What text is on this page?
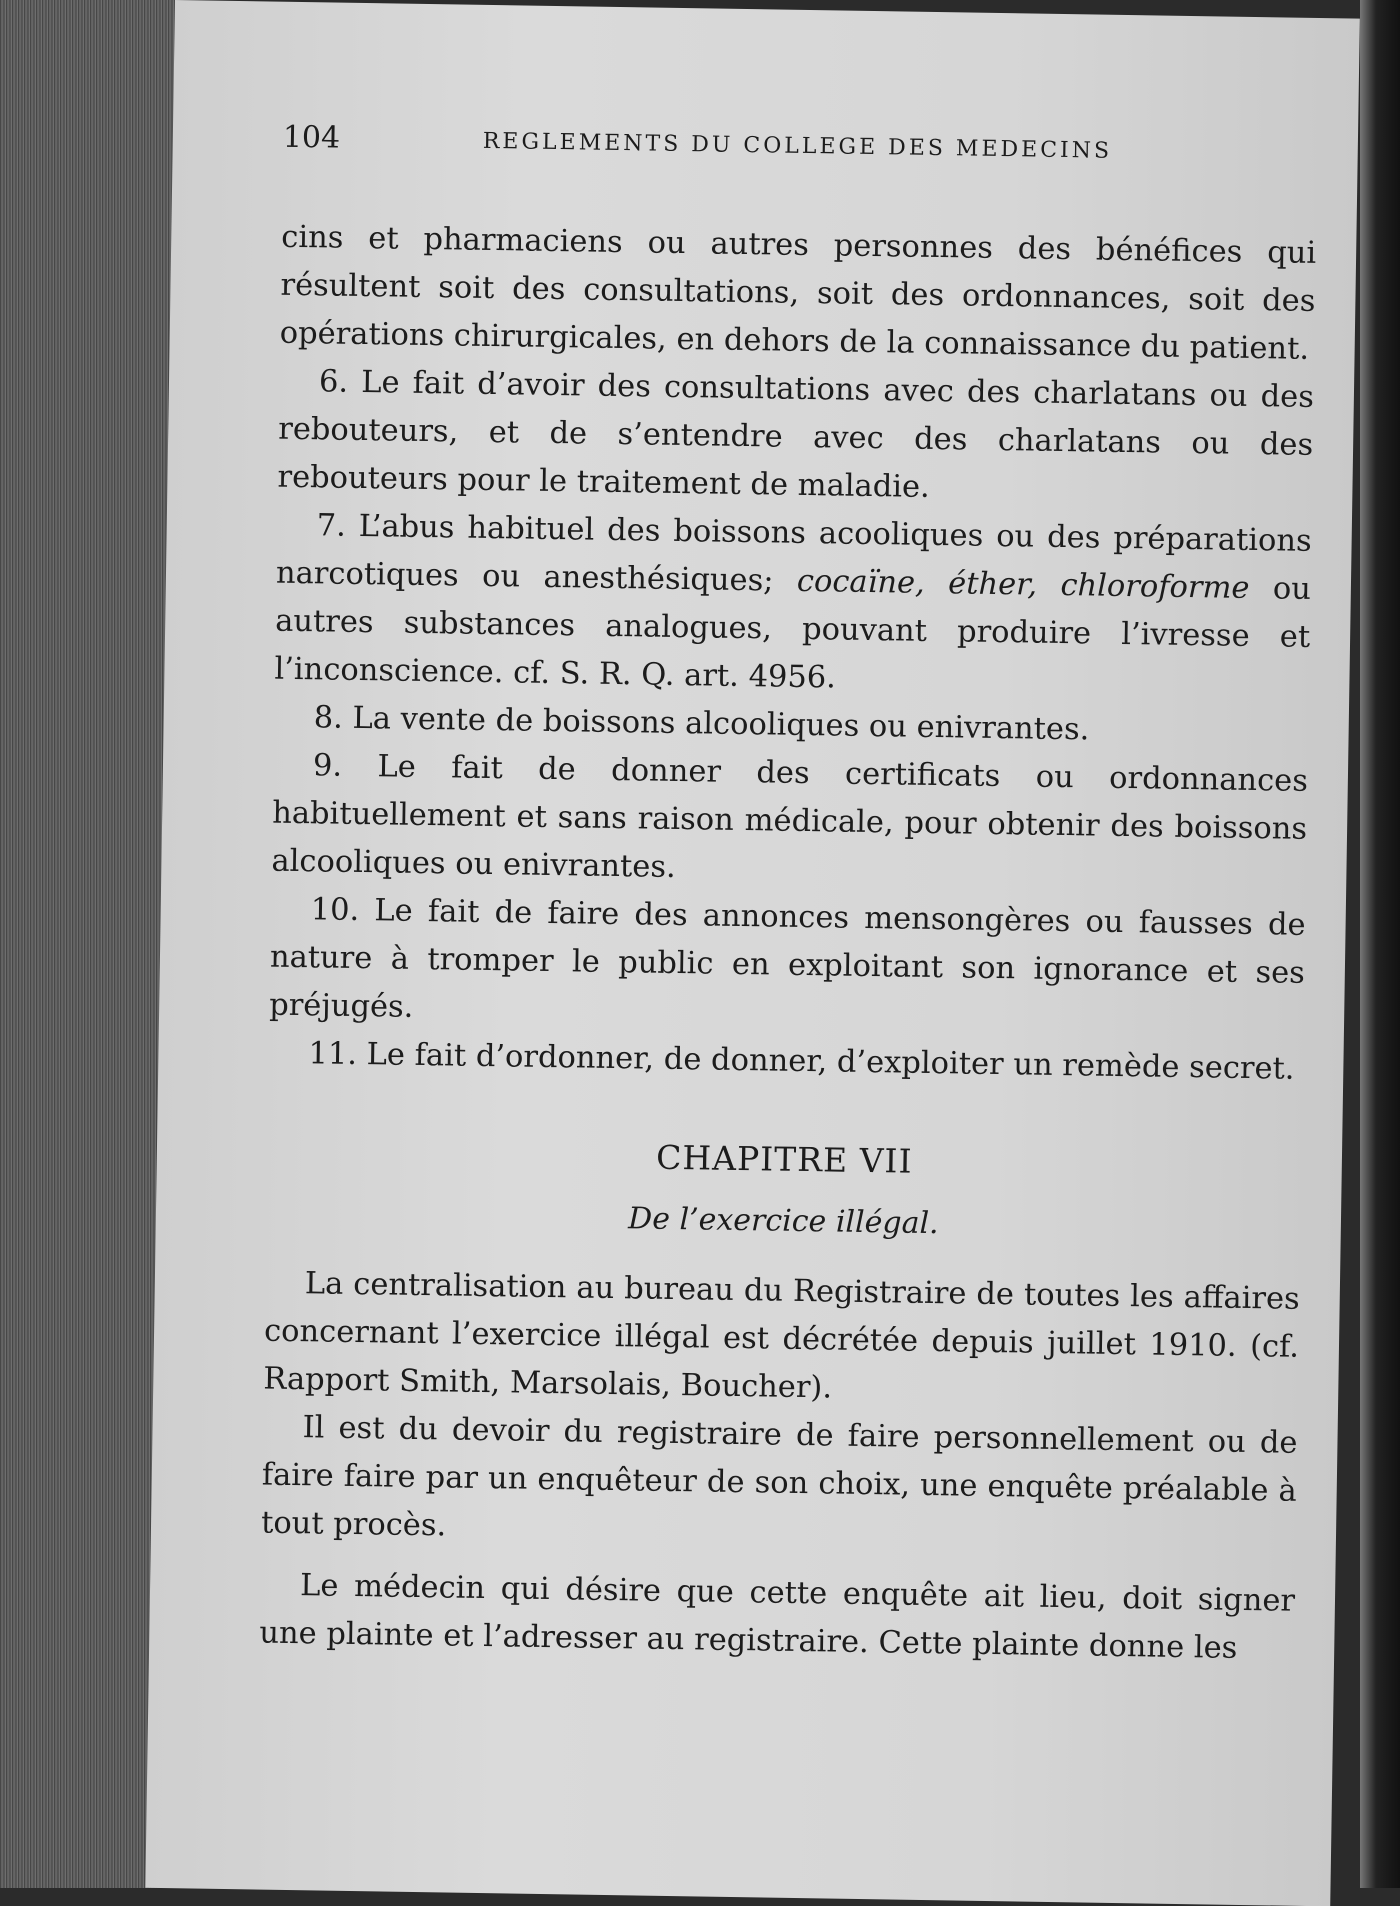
104	REGLEMENTS DU COLLEGE DES MEDECINS

cins et pharmaciens ou autres personnes des bénéfices qui résultent soit des consultations, soit des ordonnances, soit des opérations chirurgicales, en dehors de la connaissance du patient.

6. Le fait d’avoir des consultations avec des charlatans ou des rebouteurs, et de s’entendre avec des charlatans ou des rebouteurs pour le traitement de maladie.

7. L’abus habituel des boissons acooliques ou des préparations narcotiques ou anesthésiques; cocaïne, éther, chloroforme ou autres substances analogues, pouvant produire l’ivresse et l’inconscience. cf. S. R. Q. art. 4956.

8. La vente de boissons alcooliques ou enivrantes.

9. Le fait de donner des certificats ou ordonnances habituellement et sans raison médicale, pour obtenir des boissons alcooliques ou enivrantes.

10. Le fait de faire des annonces mensongères ou fausses de nature à tromper le public en exploitant son ignorance et ses préjugés.

11. Le fait d’ordonner, de donner, d’exploiter un remède secret.

CHAPITRE VII
De l’exercice illégal.

La centralisation au bureau du Registraire de toutes les affaires concernant l’exercice illégal est décrétée depuis juillet 1910. (cf. Rapport Smith, Marsolais, Boucher).

Il est du devoir du registraire de faire personnellement ou de faire faire par un enquêteur de son choix, une enquête préalable à tout procès.

Le médecin qui désire que cette enquête ait lieu, doit signer une plainte et l’adresser au registraire. Cette plainte donne les
